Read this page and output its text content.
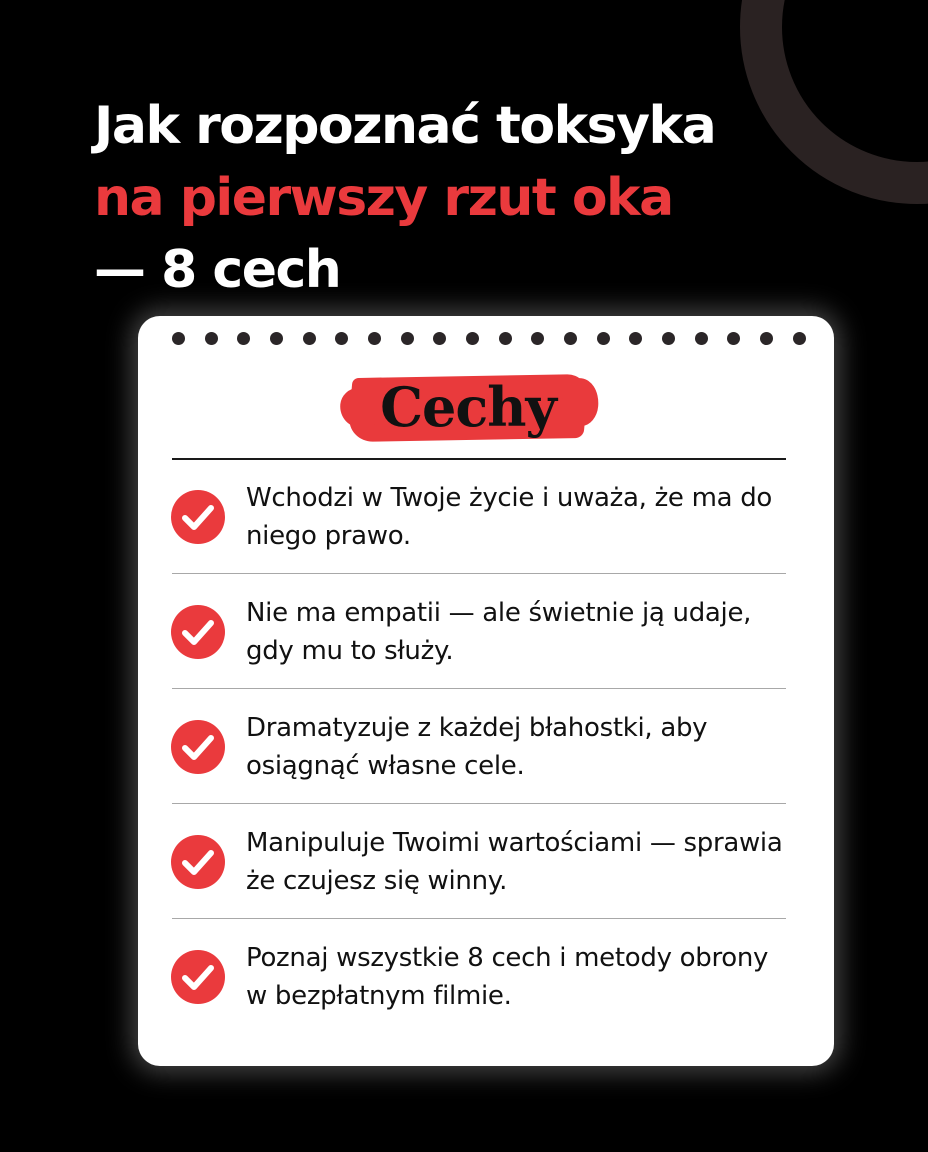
Jak rozpoznać toksyka
na pierwszy rzut oka
— 8 cech
Cechy
Wchodzi w Twoje życie i uważa, że ma do niego prawo.
Nie ma empatii — ale świetnie ją udaje, gdy mu to służy.
Dramatyzuje z każdej błahostki, aby osiągnąć własne cele.
Manipuluje Twoimi wartościami — sprawia że czujesz się winny.
Poznaj wszystkie 8 cech i metody obrony w bezpłatnym filmie.
